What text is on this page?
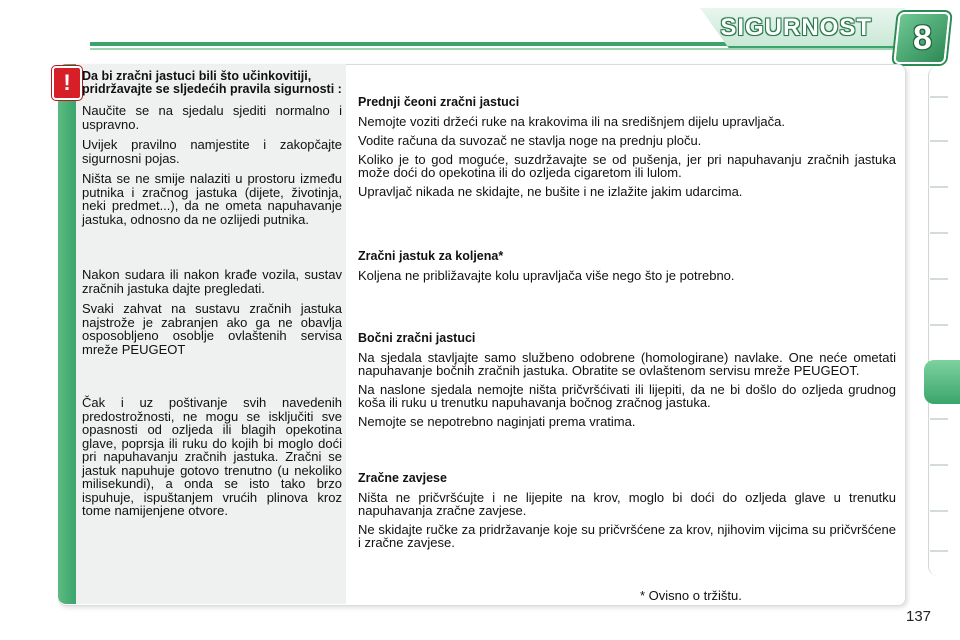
SIGURNOST 8
! Da bi zračni jastuci bili što učinkovitiji, pridržavajte se sljedećih pravila sigurnosti :

Naučite se na sjedalu sjediti normalno i uspravno.

Uvijek pravilno namjestite i zakopčajte sigurnosni pojas.

Ništa se ne smije nalaziti u prostoru između putnika i zračnog jastuka (dijete, životinja, neki predmet...), da ne ometa napuhavanje jastuka, odnosno da ne ozlijedi putnika.

Nakon sudara ili nakon krađe vozila, sustav zračnih jastuka dajte pregledati.

Svaki zahvat na sustavu zračnih jastuka najstrože je zabranjen ako ga ne obavlja osposobljeno osoblje ovlaštenih servisa mreže PEUGEOT

Čak i uz poštivanje svih navedenih predostrožnosti, ne mogu se isključiti sve opasnosti od ozljeda ili blagih opekotina glave, poprsja ili ruku do kojih bi moglo doći pri napuhavanju zračnih jastuka. Zračni se jastuk napuhuje gotovo trenutno (u nekoliko milisekundi), a onda se isto tako brzo ispuhuje, ispuštanjem vrućih plinova kroz tome namijenjene otvore.

Prednji čeoni zračni jastuci

Nemojte voziti držeći ruke na krakovima ili na središnjem dijelu upravljača.

Vodite računa da suvozač ne stavlja noge na prednju ploču.

Koliko je to god moguće, suzdržavajte se od pušenja, jer pri napuhavanju zračnih jastuka može doći do opekotina ili do ozljeda cigaretom ili lulom.

Upravljač nikada ne skidajte, ne bušite i ne izlažite jakim udarcima.

Zračni jastuk za koljena*

Koljena ne približavajte kolu upravljača više nego što je potrebno.

Bočni zračni jastuci

Na sjedala stavljajte samo službeno odobrene (homologirane) navlake. One neće ometati napuhavanje bočnih zračnih jastuka. Obratite se ovlaštenom servisu mreže PEUGEOT.

Na naslone sjedala nemojte ništa pričvršćivati ili lijepiti, da ne bi došlo do ozljeda grudnog koša ili ruku u trenutku napuhavanja bočnog zračnog jastuka.

Nemojte se nepotrebno naginjati prema vratima.

Zračne zavjese

Ništa ne pričvršćujte i ne lijepite na krov, moglo bi doći do ozljeda glave u trenutku napuhavanja zračne zavjese.

Ne skidajte ručke za pridržavanje koje su pričvršćene za krov, njihovim vijcima su pričvršćene i zračne zavjese.

* Ovisno o tržištu.
137
